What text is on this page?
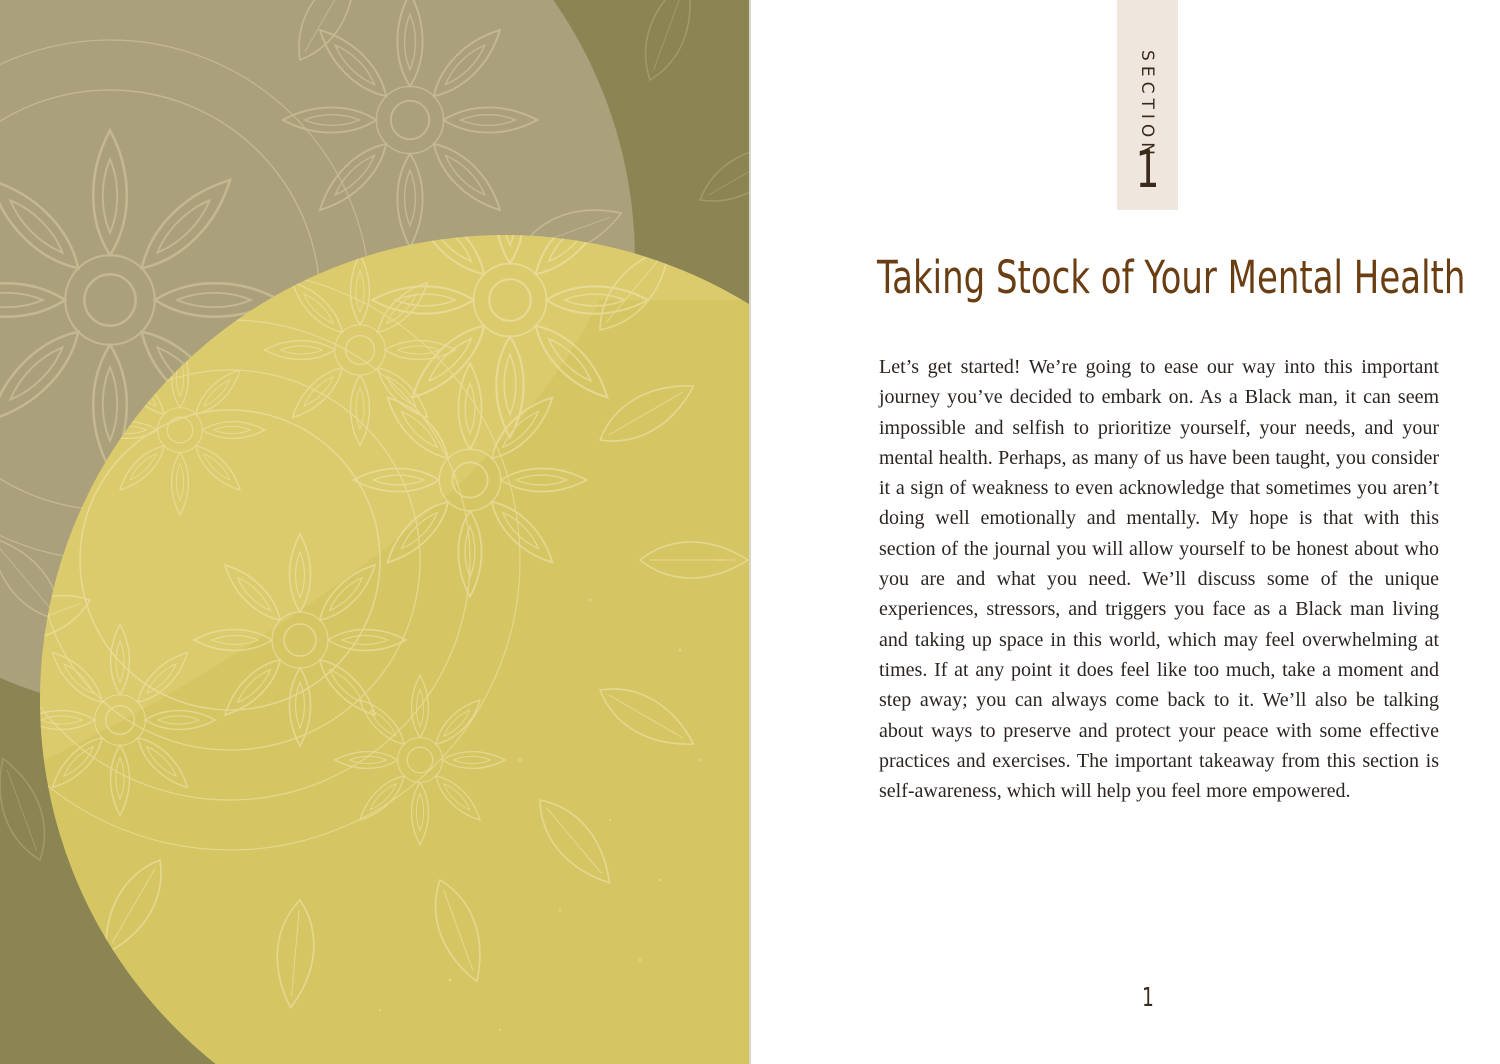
SECTION
1
Taking Stock of Your Mental Health

Let’s get started! We’re going to ease our way into this important journey you’ve decided to embark on. As a Black man, it can seem impossible and selfish to prioritize yourself, your needs, and your mental health. Perhaps, as many of us have been taught, you consider it a sign of weakness to even acknowledge that sometimes you aren’t doing well emotionally and mentally. My hope is that with this section of the journal you will allow yourself to be honest about who you are and what you need. We’ll discuss some of the unique experiences, stressors, and triggers you face as a Black man living and taking up space in this world, which may feel overwhelming at times. If at any point it does feel like too much, take a moment and step away; you can always come back to it. We’ll also be talking about ways to preserve and protect your peace with some effective practices and exercises. The important takeaway from this section is self-awareness, which will help you feel more empowered.

1
